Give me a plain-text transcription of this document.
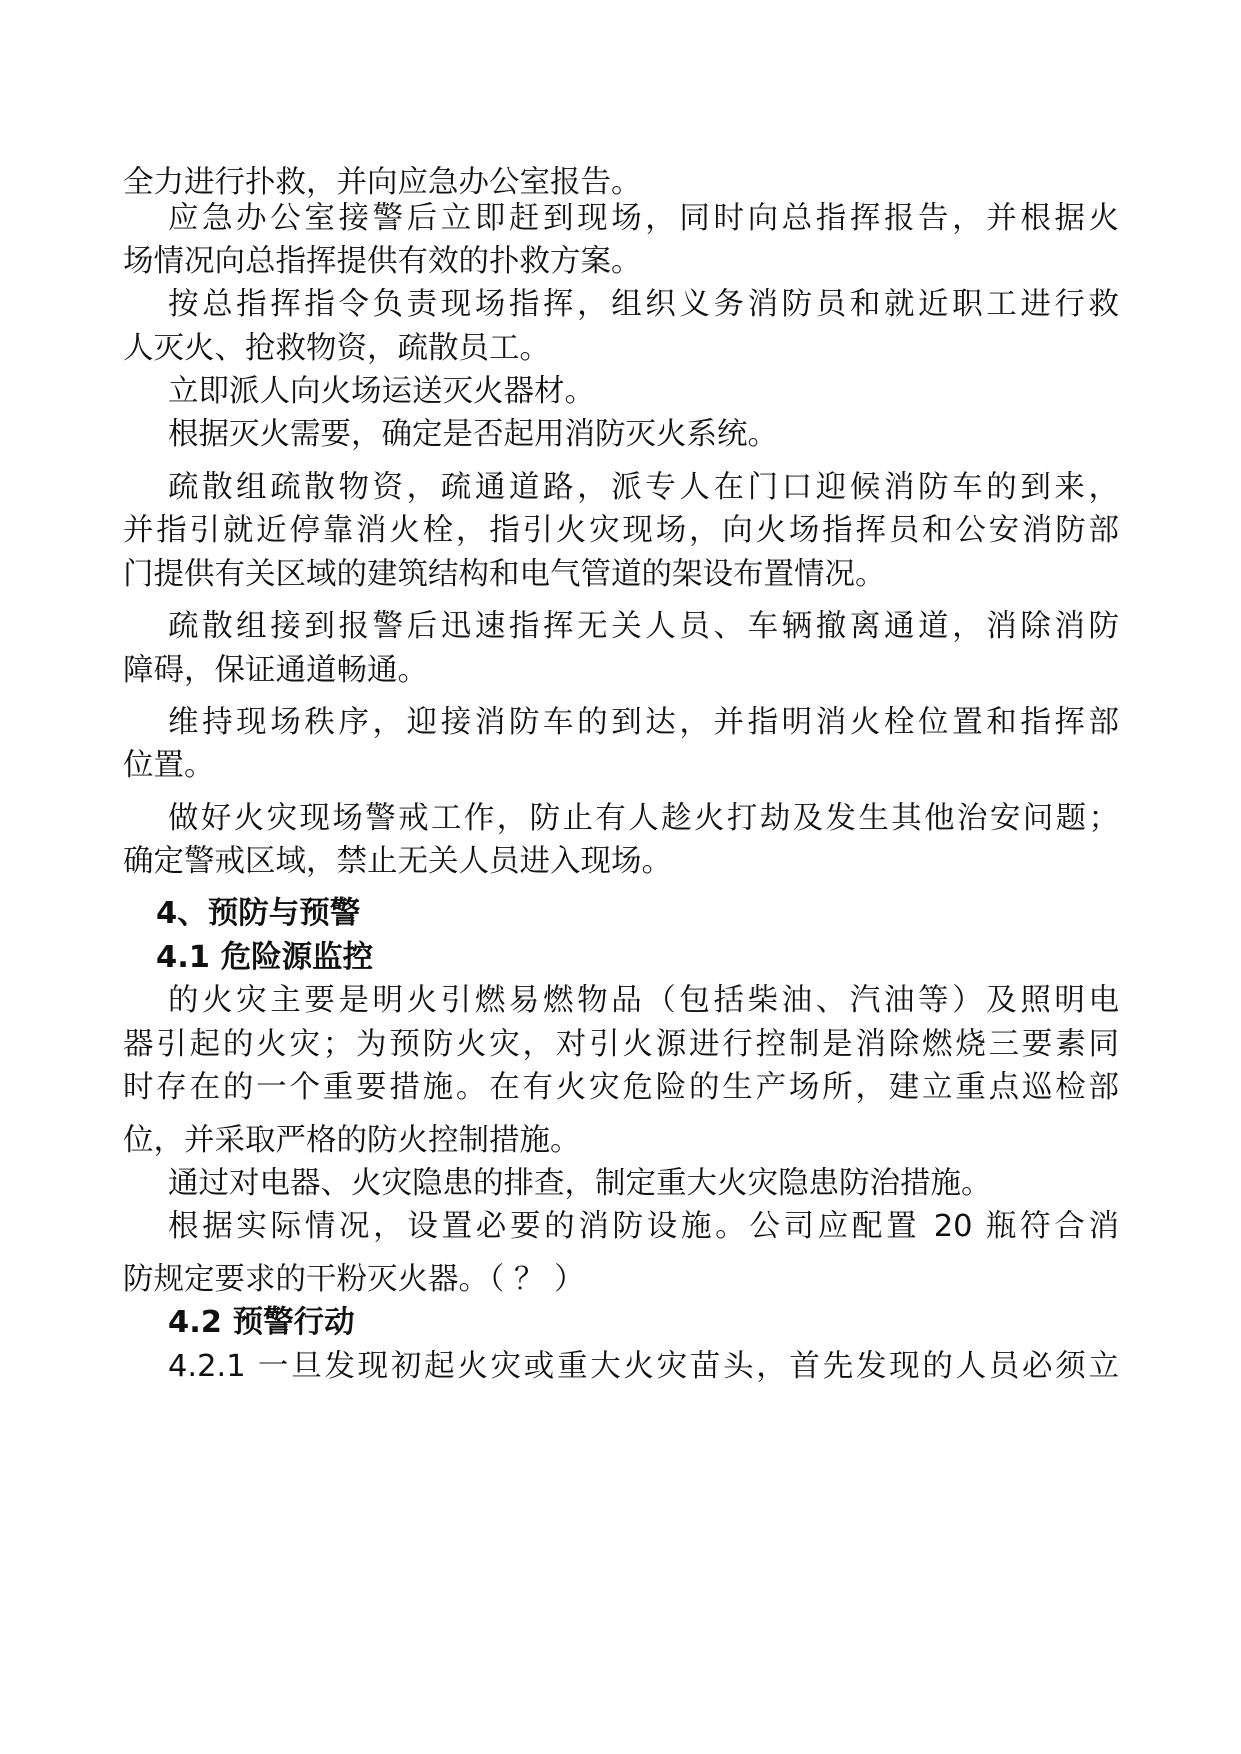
全力进行扑救，并向应急办公室报告。
应急办公室接警后立即赶到现场，同时向总指挥报告，并根据火
场情况向总指挥提供有效的扑救方案。
按总指挥指令负责现场指挥，组织义务消防员和就近职工进行救
人灭火、抢救物资，疏散员工。
立即派人向火场运送灭火器材。
根据灭火需要，确定是否起用消防灭火系统。
疏散组疏散物资，疏通道路，派专人在门口迎候消防车的到来，
并指引就近停靠消火栓，指引火灾现场，向火场指挥员和公安消防部
门提供有关区域的建筑结构和电气管道的架设布置情况。
疏散组接到报警后迅速指挥无关人员、车辆撤离通道，消除消防
障碍，保证通道畅通。
维持现场秩序，迎接消防车的到达，并指明消火栓位置和指挥部
位置。
做好火灾现场警戒工作，防止有人趁火打劫及发生其他治安问题；
确定警戒区域，禁止无关人员进入现场。
4、预防与预警
4.1 危险源监控
的火灾主要是明火引燃易燃物品（包括柴油、汽油等）及照明电
器引起的火灾；为预防火灾，对引火源进行控制是消除燃烧三要素同
时存在的一个重要措施。在有火灾危险的生产场所，建立重点巡检部
位，并采取严格的防火控制措施。
通过对电器、火灾隐患的排查，制定重大火灾隐患防治措施。
根据实际情况，设置必要的消防设施。公司应配置 20 瓶符合消
防规定要求的干粉灭火器。（ ？ ）
4.2 预警行动
4.2.1 一旦发现初起火灾或重大火灾苗头，首先发现的人员必须立
